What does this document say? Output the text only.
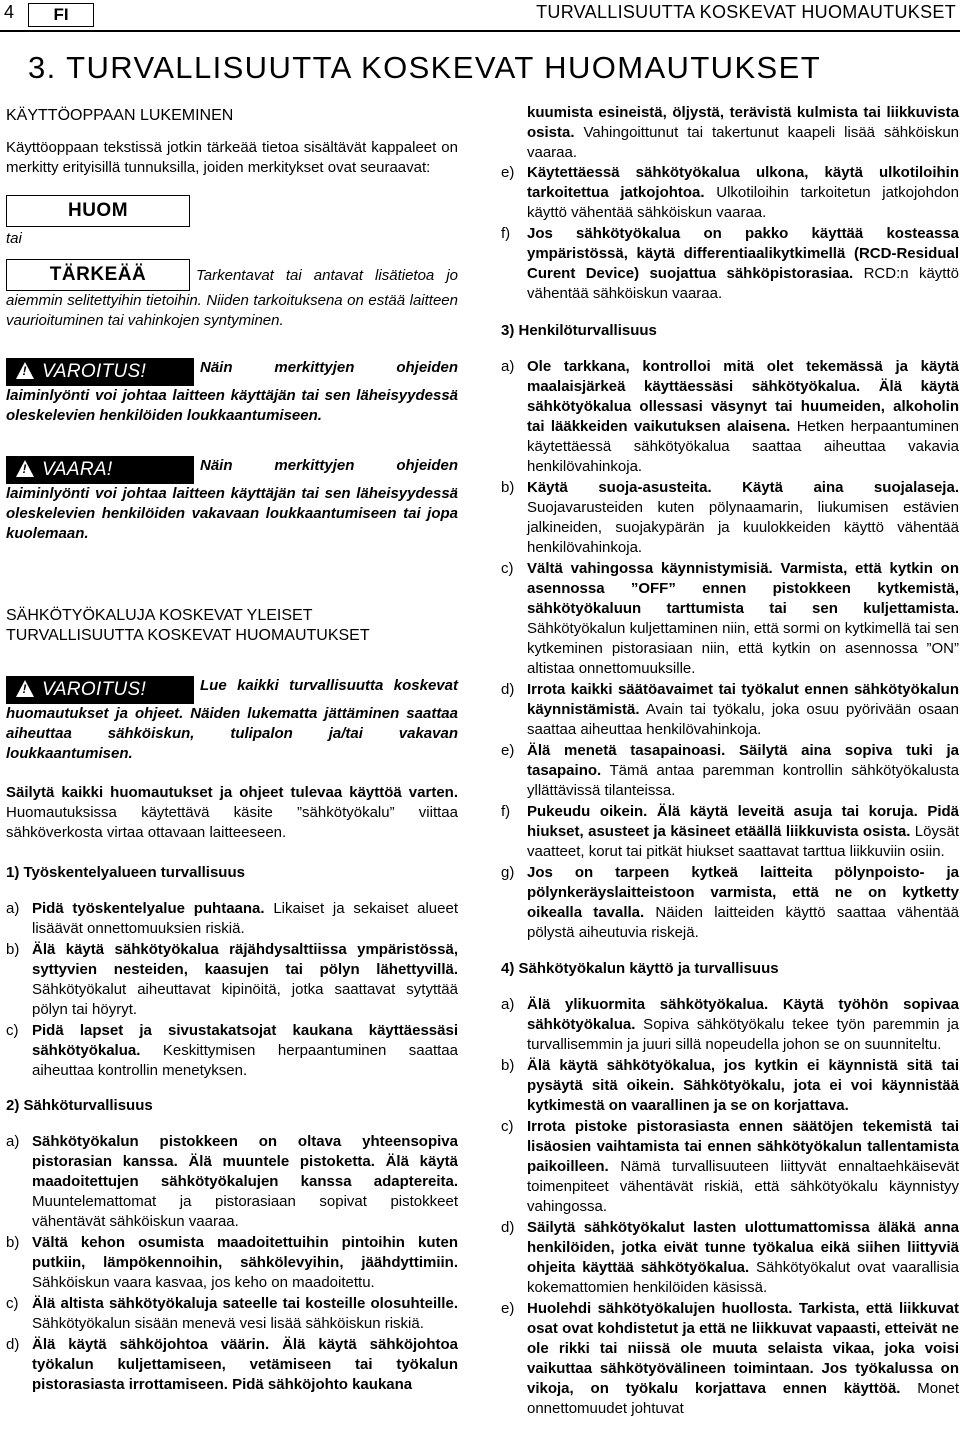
4	FI	TURVALLISUUTTA KOSKEVAT HUOMAUTUKSET
3. TURVALLISUUTTA KOSKEVAT HUOMAUTUKSET

KÄYTTÖOPPAAN LUKEMINEN

Käyttöoppaan tekstissä jotkin tärkeää tietoa sisältävät kappaleet on merkitty erityisillä tunnuksilla, joiden merkitykset ovat seuraavat:

HUOM

tai

TÄRKEÄÄ	Tarkentavat tai antavat lisätietoa jo aiemmin selitettyihin tietoihin. Niiden tarkoituksena on estää laitteen vaurioituminen tai vahinkojen syntyminen.

!VAROITUS!	Näin merkittyjen ohjeiden laiminlyönti voi johtaa laitteen käyttäjän tai sen läheisyydessä oleskelevien henkilöiden loukkaantumiseen.

!VAARA!	Näin merkittyjen ohjeiden laiminlyönti voi johtaa laitteen käyttäjän tai sen läheisyydessä oleskelevien henkilöiden vakavaan loukkaantumiseen tai jopa kuolemaan.

SÄHKÖTYÖKALUJA KOSKEVAT YLEISET

TURVALLISUUTTA KOSKEVAT HUOMAUTUKSET

!VAROITUS!	Lue kaikki turvallisuutta koskevat huomautukset ja ohjeet. Näiden lukematta jättäminen saattaa aiheuttaa sähköiskun, tulipalon ja/tai vakavan loukkaantumisen.

Säilytä kaikki huomautukset ja ohjeet tulevaa käyttöä varten. Huomautuksissa käytettävä käsite ”sähkötyökalu” viittaa sähköverkosta virtaa ottavaan laitteeseen.

1) Työskentelyalueen turvallisuus

a) Pidä työskentelyalue puhtaana. Likaiset ja sekaiset alueet lisäävät onnettomuuksien riskiä.
b) Älä käytä sähkötyökalua räjähdysalttiissa ympäristössä, syttyvien nesteiden, kaasujen tai pölyn lähettyvillä. Sähkötyökalut aiheuttavat kipinöitä, jotka saattavat sytyttää pölyn tai höyryt.
c) Pidä lapset ja sivustakatsojat kaukana käyttäessäsi sähkötyökalua. Keskittymisen herpaantuminen saattaa aiheuttaa kontrollin menetyksen.

2) Sähköturvallisuus

a) Sähkötyökalun pistokkeen on oltava yhteensopiva pistorasian kanssa. Älä muuntele pistoketta. Älä käytä maadoitettujen sähkötyökalujen kanssa adaptereita. Muuntelemattomat ja pistorasiaan sopivat pistokkeet vähentävät sähköiskun vaaraa.
b) Vältä kehon osumista maadoitettuihin pintoihin kuten putkiin, lämpökennoihin, sähkölevyihin, jäähdyttimiin. Sähköiskun vaara kasvaa, jos keho on maadoitettu.
c) Älä altista sähkötyökaluja sateelle tai kosteille olosuhteille. Sähkötyökalun sisään menevä vesi lisää sähköiskun riskiä.
d) Älä käytä sähköjohtoa väärin. Älä käytä sähköjohtoa työkalun kuljettamiseen, vetämiseen tai työkalun pistorasiasta irrottamiseen. Pidä sähköjohto kaukana
kuumista esineistä, öljystä, terävistä kulmista tai liikkuvista osista. Vahingoittunut tai takertunut kaapeli lisää sähköiskun vaaraa.
e) Käytettäessä sähkötyökalua ulkona, käytä ulkotiloihin tarkoitettua jatkojohtoa. Ulkotiloihin tarkoitetun jatkojohdon käyttö vähentää sähköiskun vaaraa.
f)	Jos sähkötyökalua on pakko käyttää kosteassa ympäristössä, käytä differentiaalikytkimellä (RCD-Residual Curent Device) suojattua sähköpistorasiaa. RCD:n käyttö vähentää sähköiskun vaaraa.

3) Henkilöturvallisuus

a) Ole tarkkana, kontrolloi mitä olet tekemässä ja käytä maalaisjärkeä käyttäessäsi sähkötyökalua. Älä käytä sähkötyökalua ollessasi väsynyt tai huumeiden, alkoholin tai lääkkeiden vaikutuksen alaisena. Hetken herpaantuminen käytettäessä sähkötyökalua saattaa aiheuttaa vakavia henkilövahinkoja.
b) Käytä suoja-asusteita. Käytä aina suojalaseja. Suojavarusteiden kuten pölynaamarin, liukumisen estävien jalkineiden, suojakypärän ja kuulokkeiden käyttö vähentää henkilövahinkoja.
c) Vältä vahingossa käynnistymisiä. Varmista, että kytkin on asennossa ”OFF” ennen pistokkeen kytkemistä, sähkötyökaluun tarttumista tai sen kuljettamista. Sähkötyökalun kuljettaminen niin, että sormi on kytkimellä tai sen kytkeminen pistorasiaan niin, että kytkin on asennossa ”ON” altistaa onnettomuuksille.
d) Irrota kaikki säätöavaimet tai työkalut ennen sähkötyökalun käynnistämistä. Avain tai työkalu, joka osuu pyörivään osaan saattaa aiheuttaa henkilövahinkoja.
e) Älä menetä tasapainoasi. Säilytä aina sopiva tuki ja tasapaino. Tämä antaa paremman kontrollin sähkötyökalusta yllättävissä tilanteissa.
f)	Pukeudu oikein. Älä käytä leveitä asuja tai koruja. Pidä hiukset, asusteet ja käsineet etäällä liikkuvista osista. Löysät vaatteet, korut tai pitkät hiukset saattavat tarttua liikkuviin osiin.
g) Jos on tarpeen kytkeä laitteita pölynpoisto- ja pölynkeräyslaitteistoon varmista, että ne on kytketty oikealla tavalla. Näiden laitteiden käyttö saattaa vähentää pölystä aiheutuvia riskejä.

4) Sähkötyökalun käyttö ja turvallisuus

a) Älä ylikuormita sähkötyökalua. Käytä työhön sopivaa sähkötyökalua. Sopiva sähkötyökalu tekee työn paremmin ja turvallisemmin ja juuri sillä nopeudella johon se on suunniteltu.
b) Älä käytä sähkötyökalua, jos kytkin ei käynnistä sitä tai pysäytä sitä oikein. Sähkötyökalu, jota ei voi käynnistää kytkimestä on vaarallinen ja se on korjattava.
c) Irrota pistoke pistorasiasta ennen säätöjen tekemistä tai lisäosien vaihtamista tai ennen sähkötyökalun tallentamista paikoilleen. Nämä turvallisuuteen liittyvät ennaltaehkäisevät toimenpiteet vähentävät riskiä, että sähkötyökalu käynnistyy vahingossa.
d) Säilytä sähkötyökalut lasten ulottumattomissa äläkä anna henkilöiden, jotka eivät tunne työkalua eikä siihen liittyviä ohjeita käyttää sähkötyökalua. Sähkötyökalut ovat vaarallisia kokemattomien henkilöiden käsissä.
e) Huolehdi sähkötyökalujen huollosta. Tarkista, että liikkuvat osat ovat kohdistetut ja että ne liikkuvat vapaasti, etteivät ne ole rikki tai niissä ole muuta selaista vikaa, joka voisi vaikuttaa sähkötyövälineen toimintaan. Jos työkalussa on vikoja, on työkalu korjattava ennen käyttöä. Monet onnettomuudet johtuvat
